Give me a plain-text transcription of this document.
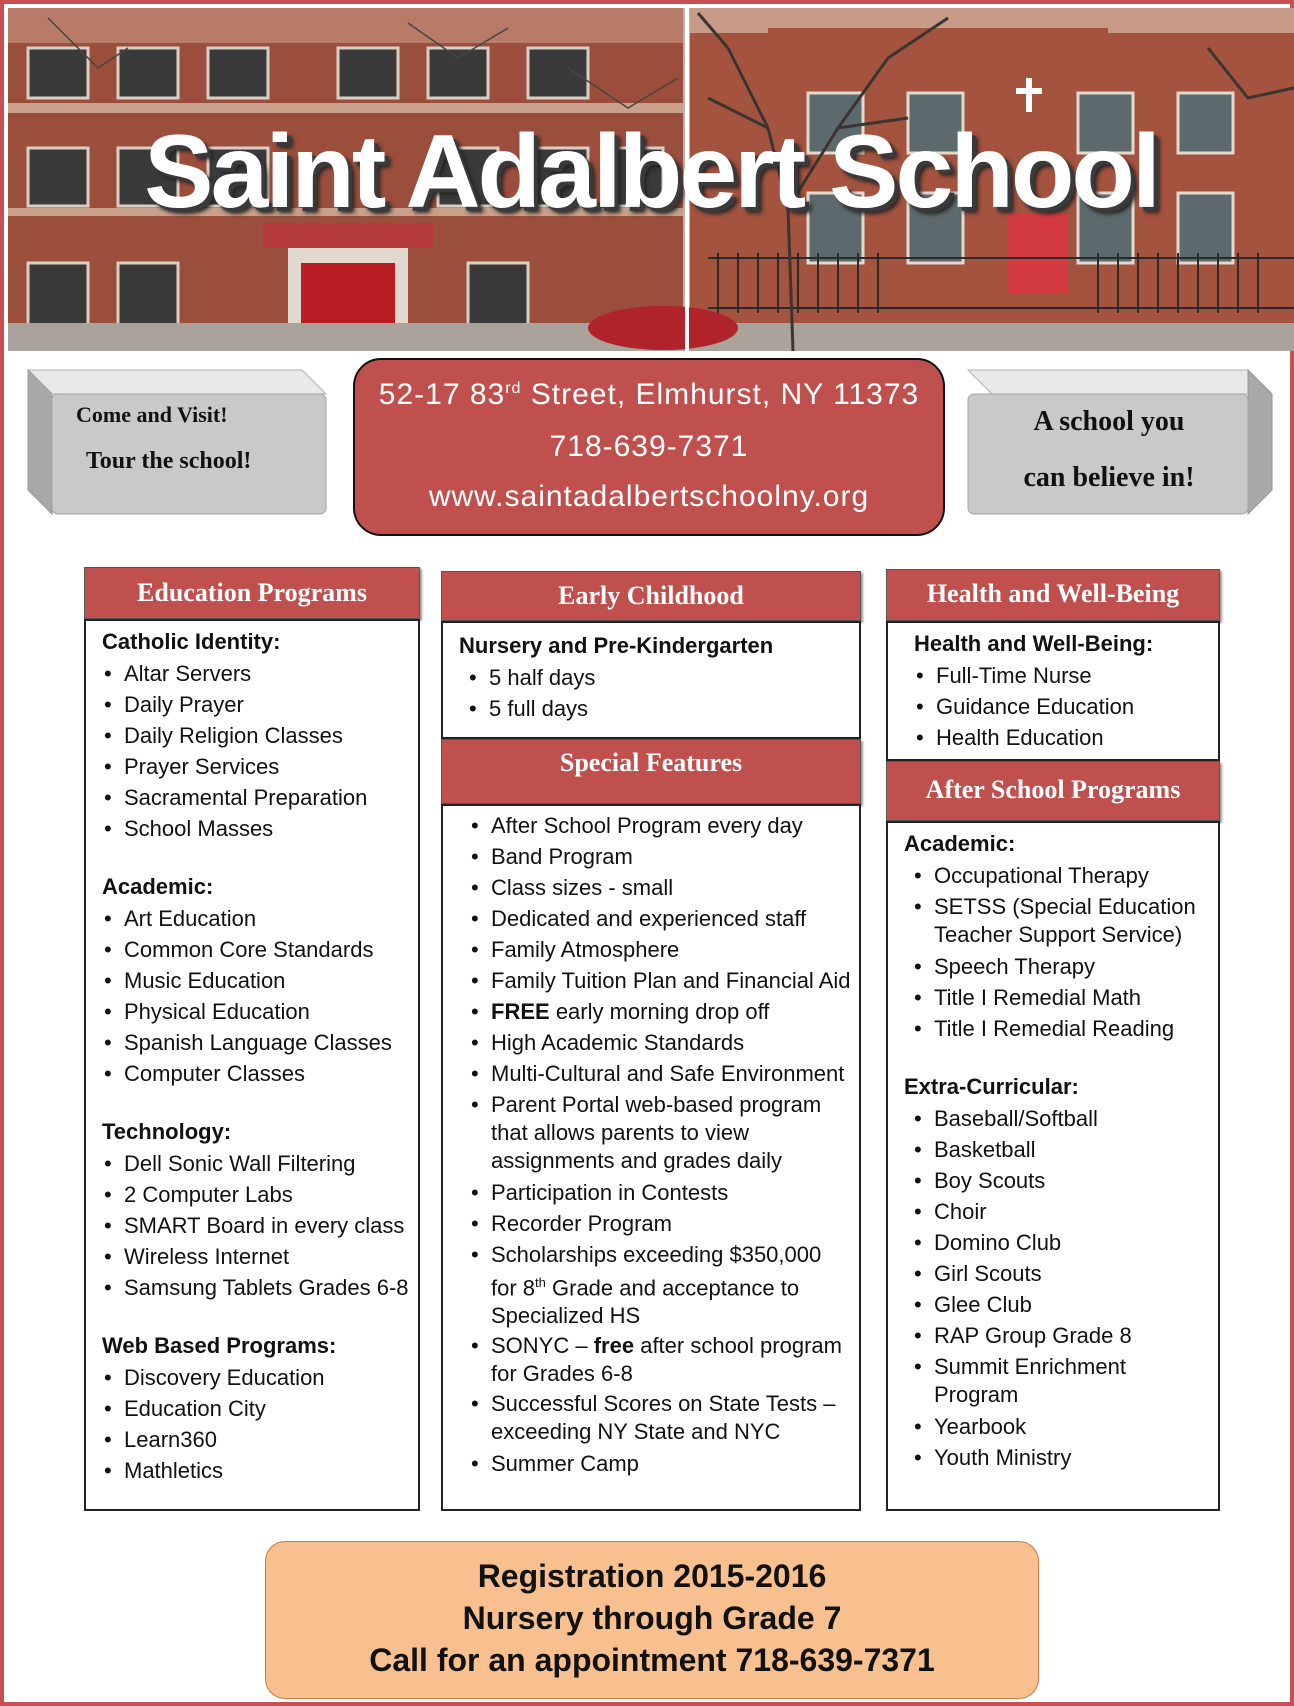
Saint Adalbert School
Come and Visit!
Tour the school!
52-17 83rd Street, Elmhurst, NY 11373
718-639-7371
www.saintadalbertschoolny.org
A school you
can believe in!
Education Programs
Catholic Identity:
• Altar Servers
• Daily Prayer
• Daily Religion Classes
• Prayer Services
• Sacramental Preparation
• School Masses
Academic:
• Art Education
• Common Core Standards
• Music Education
• Physical Education
• Spanish Language Classes
• Computer Classes
Technology:
• Dell Sonic Wall Filtering
• 2 Computer Labs
• SMART Board in every class
• Wireless Internet
• Samsung Tablets Grades 6-8
Web Based Programs:
• Discovery Education
• Education City
• Learn360
• Mathletics
Early Childhood
Nursery and Pre-Kindergarten
• 5 half days
• 5 full days
Special Features
• After School Program every day
• Band Program
• Class sizes - small
• Dedicated and experienced staff
• Family Atmosphere
• Family Tuition Plan and Financial Aid
• FREE early morning drop off
• High Academic Standards
• Multi-Cultural and Safe Environment
• Parent Portal web-based program that allows parents to view assignments and grades daily
• Participation in Contests
• Recorder Program
• Scholarships exceeding $350,000 for 8th Grade and acceptance to Specialized HS
• SONYC – free after school program for Grades 6-8
• Successful Scores on State Tests – exceeding NY State and NYC
• Summer Camp
Health and Well-Being
Health and Well-Being:
• Full-Time Nurse
• Guidance Education
• Health Education
After School Programs
Academic:
• Occupational Therapy
• SETSS (Special Education Teacher Support Service)
• Speech Therapy
• Title I Remedial Math
• Title I Remedial Reading
Extra-Curricular:
• Baseball/Softball
• Basketball
• Boy Scouts
• Choir
• Domino Club
• Girl Scouts
• Glee Club
• RAP Group Grade 8
• Summit Enrichment Program
• Yearbook
• Youth Ministry
Registration 2015-2016
Nursery through Grade 7
Call for an appointment 718-639-7371
